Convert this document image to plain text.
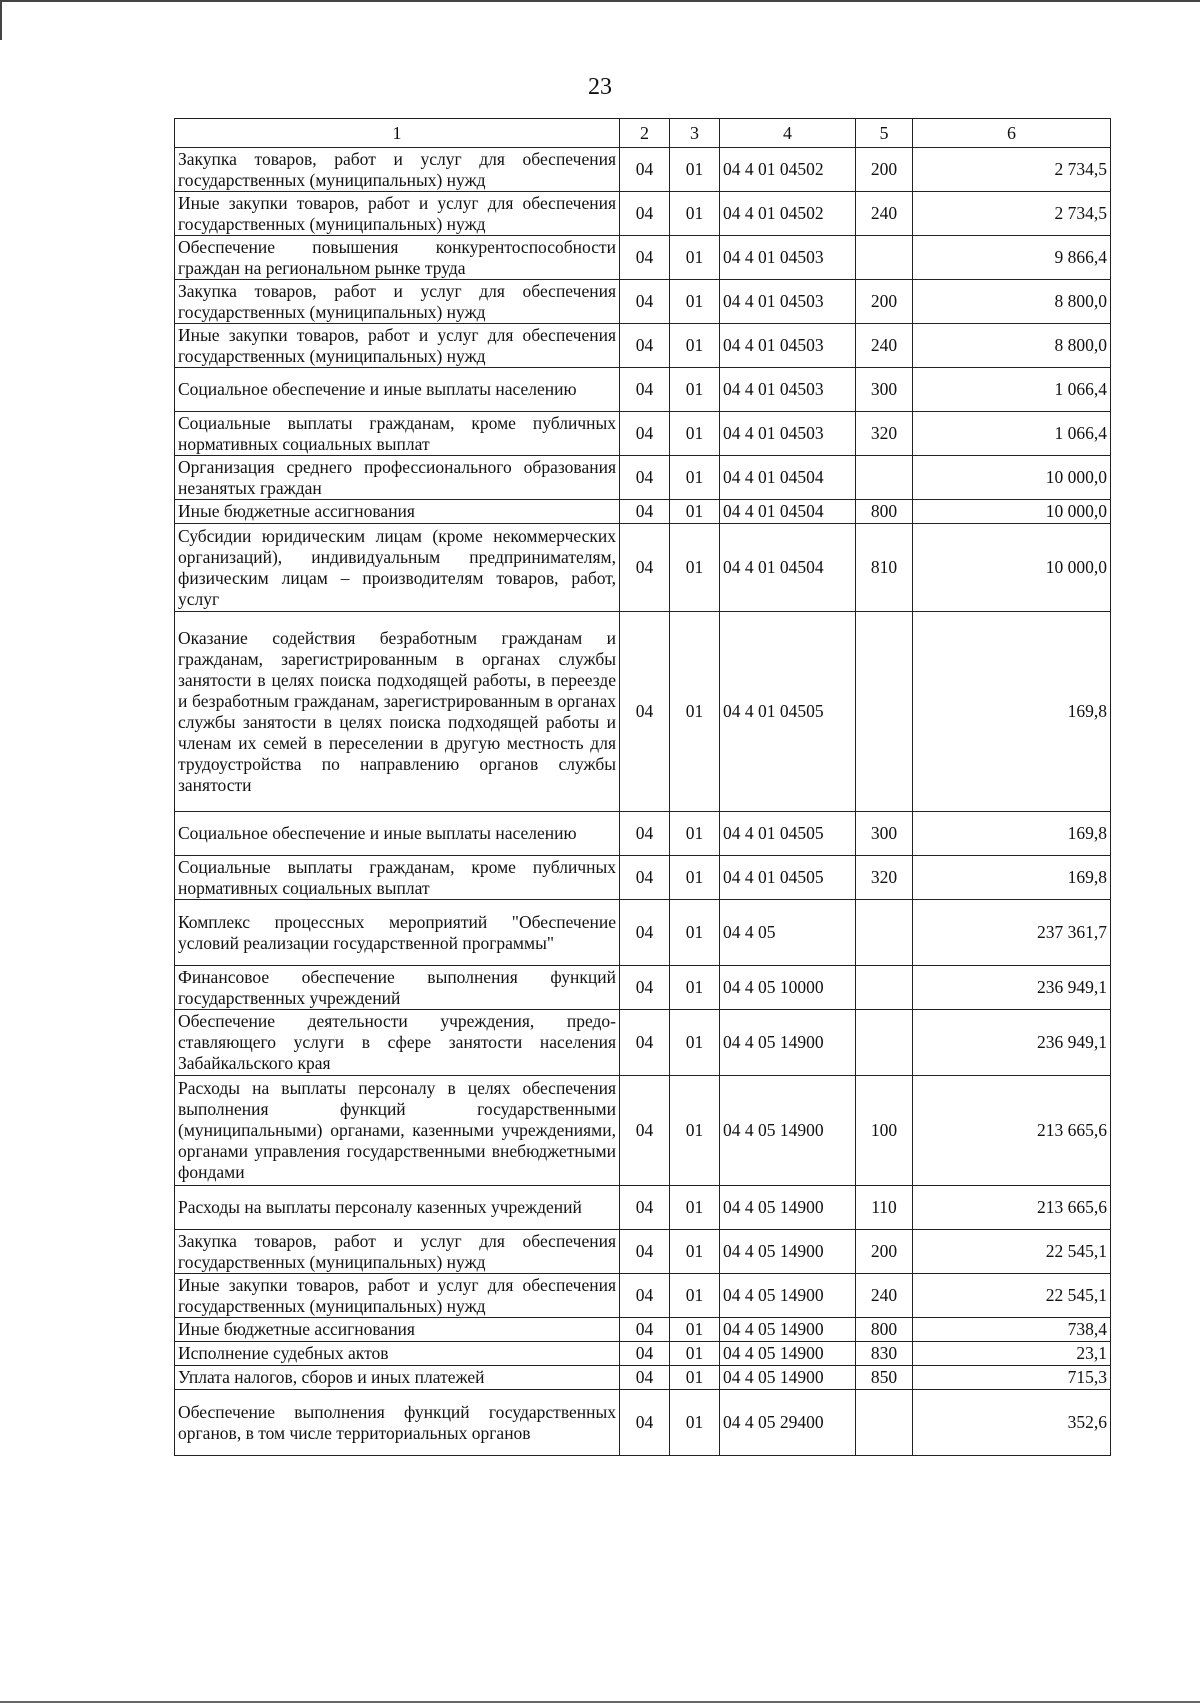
23
1	2	3	4	5	6
Закупка товаров, работ и услуг для обеспечения государственных (муниципальных) нужд	04	01	04 4 01 04502	200	2 734,5
Иные закупки товаров, работ и услуг для обеспечения государственных (муниципальных) нужд	04	01	04 4 01 04502	240	2 734,5
Обеспечение повышения конкурентоспособности граждан на региональном рынке труда	04	01	04 4 01 04503		9 866,4
Закупка товаров, работ и услуг для обеспечения государственных (муниципальных) нужд	04	01	04 4 01 04503	200	8 800,0
Иные закупки товаров, работ и услуг для обеспечения государственных (муниципальных) нужд	04	01	04 4 01 04503	240	8 800,0
Социальное обеспечение и иные выплаты населению	04	01	04 4 01 04503	300	1 066,4
Социальные выплаты гражданам, кроме публичных нормативных социальных выплат	04	01	04 4 01 04503	320	1 066,4
Организация среднего профессионального образования незанятых граждан	04	01	04 4 01 04504		10 000,0
Иные бюджетные ассигнования	04	01	04 4 01 04504	800	10 000,0
Субсидии юридическим лицам (кроме некоммерческих организаций), индивидуальным предпринимателям, физическим лицам – производителям товаров, работ, услуг	04	01	04 4 01 04504	810	10 000,0
Оказание содействия безработным гражданам и гражданам, зарегистрированным в органах службы занятости в целях поиска подходящей работы, в переезде и безработным гражданам, зарегистрированным в органах службы занятости в целях поиска подходящей работы и членам их семей в переселении в другую местность для трудоустройства по направлению органов службы занятости	04	01	04 4 01 04505		169,8
Социальное обеспечение и иные выплаты населению	04	01	04 4 01 04505	300	169,8
Социальные выплаты гражданам, кроме публичных нормативных социальных выплат	04	01	04 4 01 04505	320	169,8
Комплекс процессных мероприятий "Обеспечение условий реализации государственной программы"	04	01	04 4 05		237 361,7
Финансовое обеспечение выполнения функций государственных учреждений	04	01	04 4 05 10000		236 949,1
Обеспечение деятельности учреждения, предоставляющего услуги в сфере занятости населения Забайкальского края	04	01	04 4 05 14900		236 949,1
Расходы на выплаты персоналу в целях обеспечения выполнения функций государственными (муниципальными) органами, казенными учреждениями, органами управления государственными внебюджетными фондами	04	01	04 4 05 14900	100	213 665,6
Расходы на выплаты персоналу казенных учреждений	04	01	04 4 05 14900	110	213 665,6
Закупка товаров, работ и услуг для обеспечения государственных (муниципальных) нужд	04	01	04 4 05 14900	200	22 545,1
Иные закупки товаров, работ и услуг для обеспечения государственных (муниципальных) нужд	04	01	04 4 05 14900	240	22 545,1
Иные бюджетные ассигнования	04	01	04 4 05 14900	800	738,4
Исполнение судебных актов	04	01	04 4 05 14900	830	23,1
Уплата налогов, сборов и иных платежей	04	01	04 4 05 14900	850	715,3
Обеспечение выполнения функций государственных органов, в том числе территориальных органов	04	01	04 4 05 29400		352,6
